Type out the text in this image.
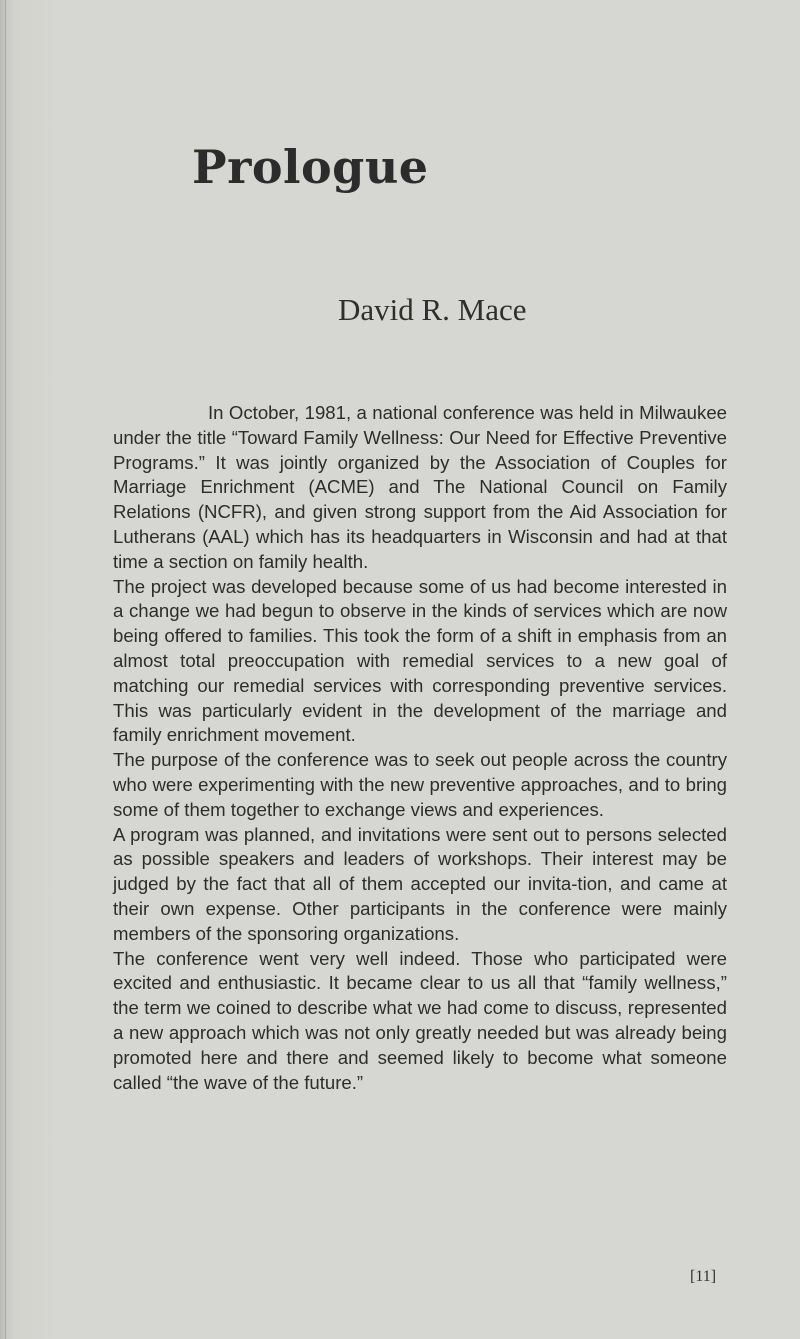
Prologue
David R. Mace

In October, 1981, a national conference was held in Milwaukee under the title “Toward Family Wellness: Our Need for Effective Preventive Programs.” It was jointly organized by the Association of Couples for Marriage Enrichment (ACME) and The National Council on Family Relations (NCFR), and given strong support from the Aid Association for Lutherans (AAL) which has its headquarters in Wisconsin and had at that time a section on family health.

The project was developed because some of us had become interested in a change we had begun to observe in the kinds of services which are now being offered to families. This took the form of a shift in emphasis from an almost total preoccupation with remedial services to a new goal of matching our remedial services with corresponding preventive services. This was particularly evident in the development of the marriage and family enrichment movement.

The purpose of the conference was to seek out people across the country who were experimenting with the new preventive approaches, and to bring some of them together to exchange views and experiences.

A program was planned, and invitations were sent out to persons selected as possible speakers and leaders of workshops. Their interest may be judged by the fact that all of them accepted our invita-tion, and came at their own expense. Other participants in the conference were mainly members of the sponsoring organizations.

The conference went very well indeed. Those who participated were excited and enthusiastic. It became clear to us all that “family wellness,” the term we coined to describe what we had come to discuss, represented a new approach which was not only greatly needed but was already being promoted here and there and seemed likely to become what someone called “the wave of the future.”

[11]
